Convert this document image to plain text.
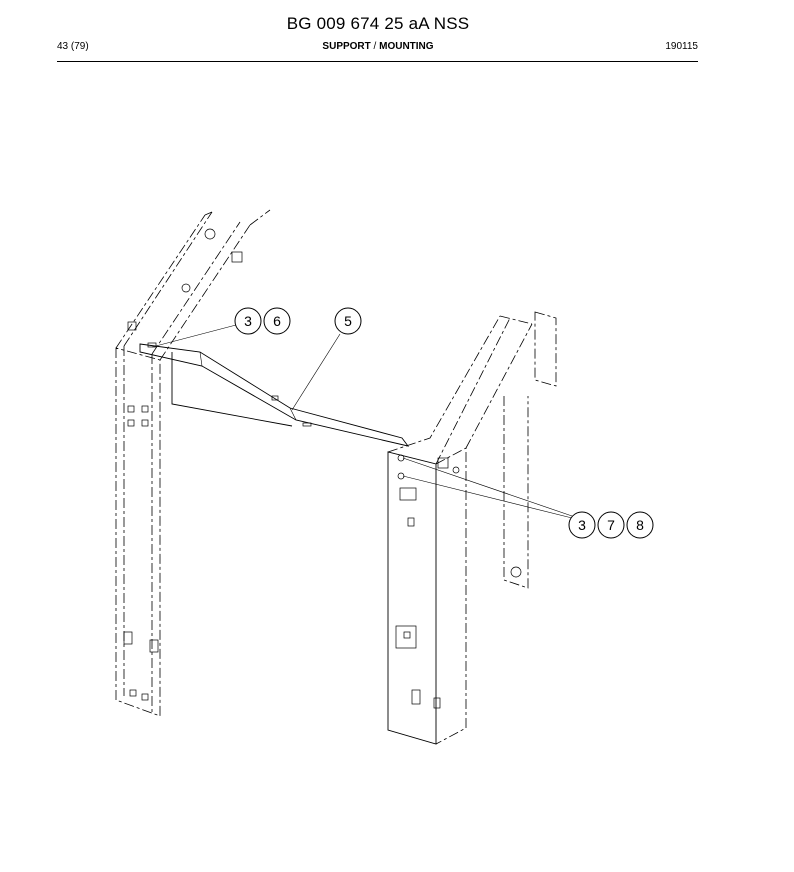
BG 009 674 25 aA NSS
43 (79)	SUPPORT / MOUNTING	190115
3 6	5
3 7 8
